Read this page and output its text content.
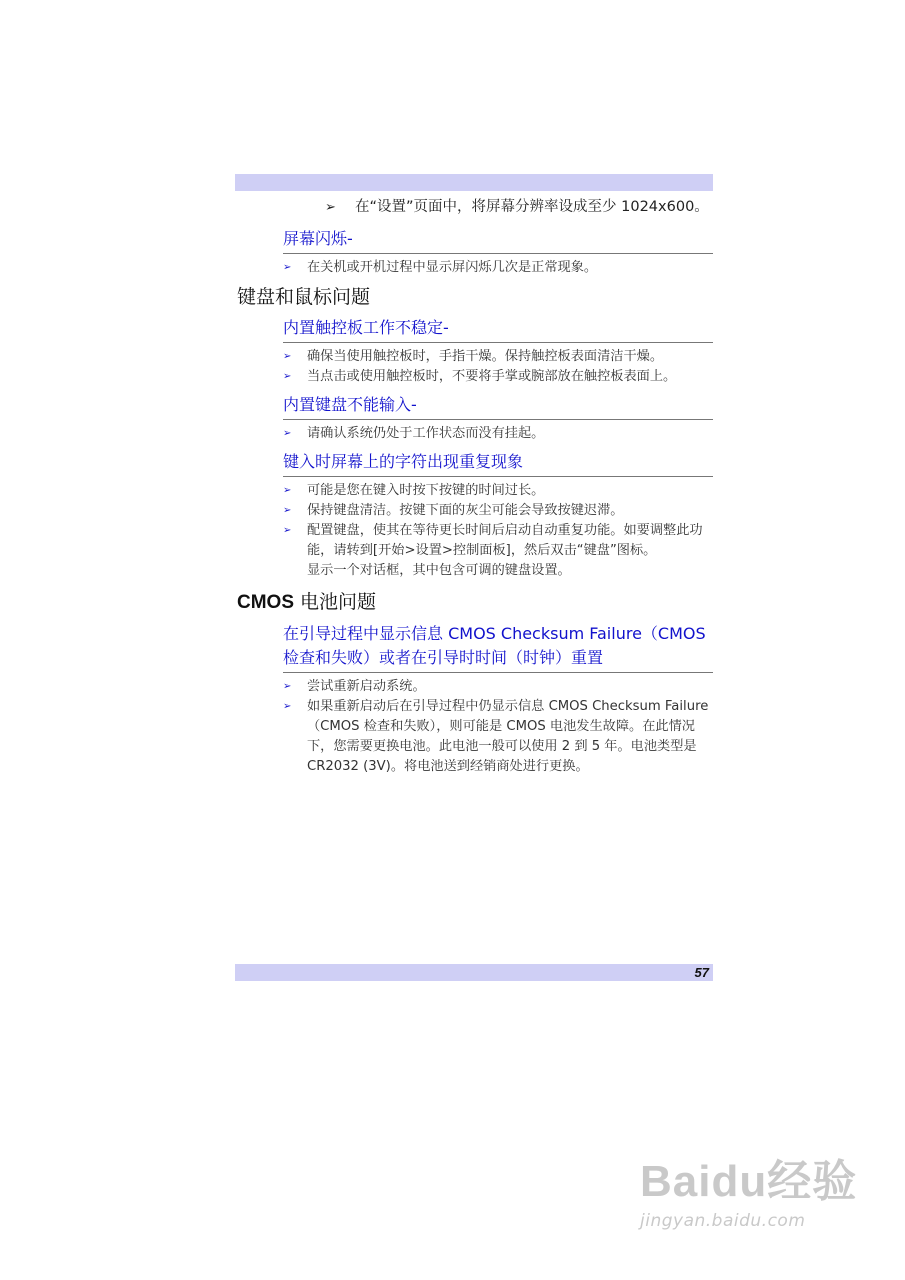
➢ 在“设置”页面中，将屏幕分辨率设成至少 1024x600。
屏幕闪烁-
➢ 在关机或开机过程中显示屏闪烁几次是正常现象。
键盘和鼠标问题
内置触控板工作不稳定-
➢ 确保当使用触控板时，手指干燥。保持触控板表面清洁干燥。
➢ 当点击或使用触控板时，不要将手掌或腕部放在触控板表面上。
内置键盘不能输入-
➢ 请确认系统仍处于工作状态而没有挂起。
键入时屏幕上的字符出现重复现象
➢ 可能是您在键入时按下按键的时间过长。
➢ 保持键盘清洁。按键下面的灰尘可能会导致按键迟滞。
➢ 配置键盘，使其在等待更长时间后启动自动重复功能。如要调整此功能，请转到[开始>设置>控制面板]，然后双击“键盘”图标。
显示一个对话框，其中包含可调的键盘设置。
CMOS 电池问题
在引导过程中显示信息 CMOS Checksum Failure（CMOS 检查和失败）或者在引导时时间（时钟）重置
➢ 尝试重新启动系统。
➢ 如果重新启动后在引导过程中仍显示信息 CMOS Checksum Failure（CMOS 检查和失败），则可能是 CMOS 电池发生故障。在此情况下，您需要更换电池。此电池一般可以使用 2 到 5 年。电池类型是 CR2032 (3V)。将电池送到经销商处进行更换。
57
Baidu经验
jingyan.baidu.com
